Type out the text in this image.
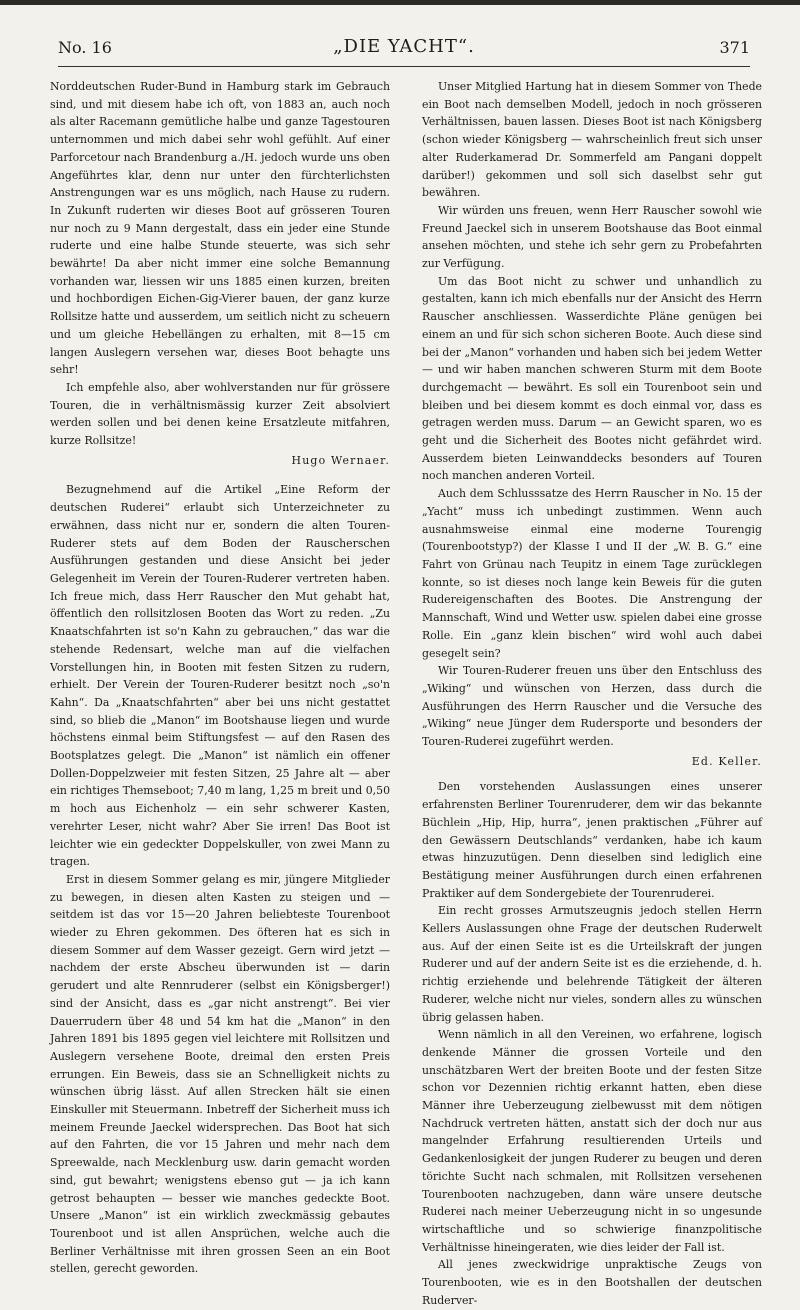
No. 16	„DIE YACHT“.	371

Norddeutschen Ruder-Bund in Hamburg stark im Gebrauch sind, und mit diesem habe ich oft, von 1883 an, auch noch als alter Racemann gemütliche halbe und ganze Tagestouren unternommen und mich dabei sehr wohl gefühlt. Auf einer Parforcetour nach Brandenburg a./H. jedoch wurde uns oben Angeführtes klar, denn nur unter den fürchterlichsten Anstrengungen war es uns möglich, nach Hause zu rudern. In Zukunft ruderten wir dieses Boot auf grösseren Touren nur noch zu 9 Mann dergestalt, dass ein jeder eine Stunde ruderte und eine halbe Stunde steuerte, was sich sehr bewährte! Da aber nicht immer eine solche Bemannung vorhanden war, liessen wir uns 1885 einen kurzen, breiten und hochbordigen Eichen-Gig-Vierer bauen, der ganz kurze Rollsitze hatte und ausserdem, um seitlich nicht zu scheuern und um gleiche Hebellängen zu erhalten, mit 8—15 cm langen Auslegern versehen war, dieses Boot behagte uns sehr!

Ich empfehle also, aber wohlverstanden nur für grössere Touren, die in verhältnismässig kurzer Zeit absolviert werden sollen und bei denen keine Ersatzleute mitfahren, kurze Rollsitze!

Hugo Wernaer.

Bezugnehmend auf die Artikel „Eine Reform der deutschen Ruderei“ erlaubt sich Unterzeichneter zu erwähnen, dass nicht nur er, sondern die alten Touren-Ruderer stets auf dem Boden der Rauscherschen Ausführungen gestanden und diese Ansicht bei jeder Gelegenheit im Verein der Touren-Ruderer vertreten haben. Ich freue mich, dass Herr Rauscher den Mut gehabt hat, öffentlich den rollsitzlosen Booten das Wort zu reden. „Zu Knaatschfahrten ist so'n Kahn zu gebrauchen,“ das war die stehende Redensart, welche man auf die vielfachen Vorstellungen hin, in Booten mit festen Sitzen zu rudern, erhielt. Der Verein der Touren-Ruderer besitzt noch „so'n Kahn“. Da „Knaatschfahrten“ aber bei uns nicht gestattet sind, so blieb die „Manon“ im Bootshause liegen und wurde höchstens einmal beim Stiftungsfest — auf den Rasen des Bootsplatzes gelegt. Die „Manon“ ist nämlich ein offener Dollen-Doppelzweier mit festen Sitzen, 25 Jahre alt — aber ein richtiges Themseboot; 7,40 m lang, 1,25 m breit und 0,50 m hoch aus Eichenholz — ein sehr schwerer Kasten, verehrter Leser, nicht wahr? Aber Sie irren! Das Boot ist leichter wie ein gedeckter Doppelskuller, von zwei Mann zu tragen.

Erst in diesem Sommer gelang es mir, jüngere Mitglieder zu bewegen, in diesen alten Kasten zu steigen und — seitdem ist das vor 15—20 Jahren beliebteste Tourenboot wieder zu Ehren gekommen. Des öfteren hat es sich in diesem Sommer auf dem Wasser gezeigt. Gern wird jetzt — nachdem der erste Abscheu überwunden ist — darin gerudert und alte Rennruderer (selbst ein Königsberger!) sind der Ansicht, dass es „gar nicht anstrengt“. Bei vier Dauerrudern über 48 und 54 km hat die „Manon“ in den Jahren 1891 bis 1895 gegen viel leichtere mit Rollsitzen und Auslegern versehene Boote, dreimal den ersten Preis errungen. Ein Beweis, dass sie an Schnelligkeit nichts zu wünschen übrig lässt. Auf allen Strecken hält sie einen Einskuller mit Steuermann. Inbetreff der Sicherheit muss ich meinem Freunde Jaeckel widersprechen. Das Boot hat sich auf den Fahrten, die vor 15 Jahren und mehr nach dem Spreewalde, nach Mecklenburg usw. darin gemacht worden sind, gut bewahrt; wenigstens ebenso gut — ja ich kann getrost behaupten — besser wie manches gedeckte Boot. Unsere „Manon“ ist ein wirklich zweckmässig gebautes Tourenboot und ist allen Ansprüchen, welche auch die Berliner Verhältnisse mit ihren grossen Seen an ein Boot stellen, gerecht geworden.

Unser Mitglied Hartung hat in diesem Sommer von Thede ein Boot nach demselben Modell, jedoch in noch grösseren Verhältnissen, bauen lassen. Dieses Boot ist nach Königsberg (schon wieder Königsberg — wahrscheinlich freut sich unser alter Ruderkamerad Dr. Sommerfeld am Pangani doppelt darüber!) gekommen und soll sich daselbst sehr gut bewähren.

Wir würden uns freuen, wenn Herr Rauscher sowohl wie Freund Jaeckel sich in unserem Bootshause das Boot einmal ansehen möchten, und stehe ich sehr gern zu Probefahrten zur Verfügung.

Um das Boot nicht zu schwer und unhandlich zu gestalten, kann ich mich ebenfalls nur der Ansicht des Herrn Rauscher anschliessen. Wasserdichte Pläne genügen bei einem an und für sich schon sicheren Boote. Auch diese sind bei der „Manon“ vorhanden und haben sich bei jedem Wetter — und wir haben manchen schweren Sturm mit dem Boote durchgemacht — bewährt. Es soll ein Tourenboot sein und bleiben und bei diesem kommt es doch einmal vor, dass es getragen werden muss. Darum — an Gewicht sparen, wo es geht und die Sicherheit des Bootes nicht gefährdet wird. Ausserdem bieten Leinwanddecks besonders auf Touren noch manchen anderen Vorteil.

Auch dem Schlusssatze des Herrn Rauscher in No. 15 der „Yacht“ muss ich unbedingt zustimmen. Wenn auch ausnahmsweise einmal eine moderne Tourengig (Tourenbootstyp?) der Klasse I und II der „W. B. G.“ eine Fahrt von Grünau nach Teupitz in einem Tage zurücklegen konnte, so ist dieses noch lange kein Beweis für die guten Rudereigenschaften des Bootes. Die Anstrengung der Mannschaft, Wind und Wetter usw. spielen dabei eine grosse Rolle. Ein „ganz klein bischen“ wird wohl auch dabei gesegelt sein?

Wir Touren-Ruderer freuen uns über den Entschluss des „Wiking“ und wünschen von Herzen, dass durch die Ausführungen des Herrn Rauscher und die Versuche des „Wiking“ neue Jünger dem Rudersporte und besonders der Touren-Ruderei zugeführt werden.

Ed. Keller.

Den vorstehenden Auslassungen eines unserer erfahrensten Berliner Tourenruderer, dem wir das bekannte Büchlein „Hip, Hip, hurra“, jenen praktischen „Führer auf den Gewässern Deutschlands“ verdanken, habe ich kaum etwas hinzuzutügen. Denn dieselben sind lediglich eine Bestätigung meiner Ausführungen durch einen erfahrenen Praktiker auf dem Sondergebiete der Tourenruderei.

Ein recht grosses Armutszeugnis jedoch stellen Herrn Kellers Auslassungen ohne Frage der deutschen Ruderwelt aus. Auf der einen Seite ist es die Urteilskraft der jungen Ruderer und auf der andern Seite ist es die erziehende, d. h. richtig erziehende und belehrende Tätigkeit der älteren Ruderer, welche nicht nur vieles, sondern alles zu wünschen übrig gelassen haben.

Wenn nämlich in all den Vereinen, wo erfahrene, logisch denkende Männer die grossen Vorteile und den unschätzbaren Wert der breiten Boote und der festen Sitze schon vor Dezennien richtig erkannt hatten, eben diese Männer ihre Ueberzeugung zielbewusst mit dem nötigen Nachdruck vertreten hätten, anstatt sich der doch nur aus mangelnder Erfahrung resultierenden Urteils und Gedankenlosigkeit der jungen Ruderer zu beugen und deren törichte Sucht nach schmalen, mit Rollsitzen versehenen Tourenbooten nachzugeben, dann wäre unsere deutsche Ruderei nach meiner Ueberzeugung nicht in so ungesunde wirtschaftliche und so schwierige finanzpolitische Verhältnisse hineingeraten, wie dies leider der Fall ist.

All jenes zweckwidrige unpraktische Zeugs von Tourenbooten, wie es in den Bootshallen der deutschen Ruderver-
